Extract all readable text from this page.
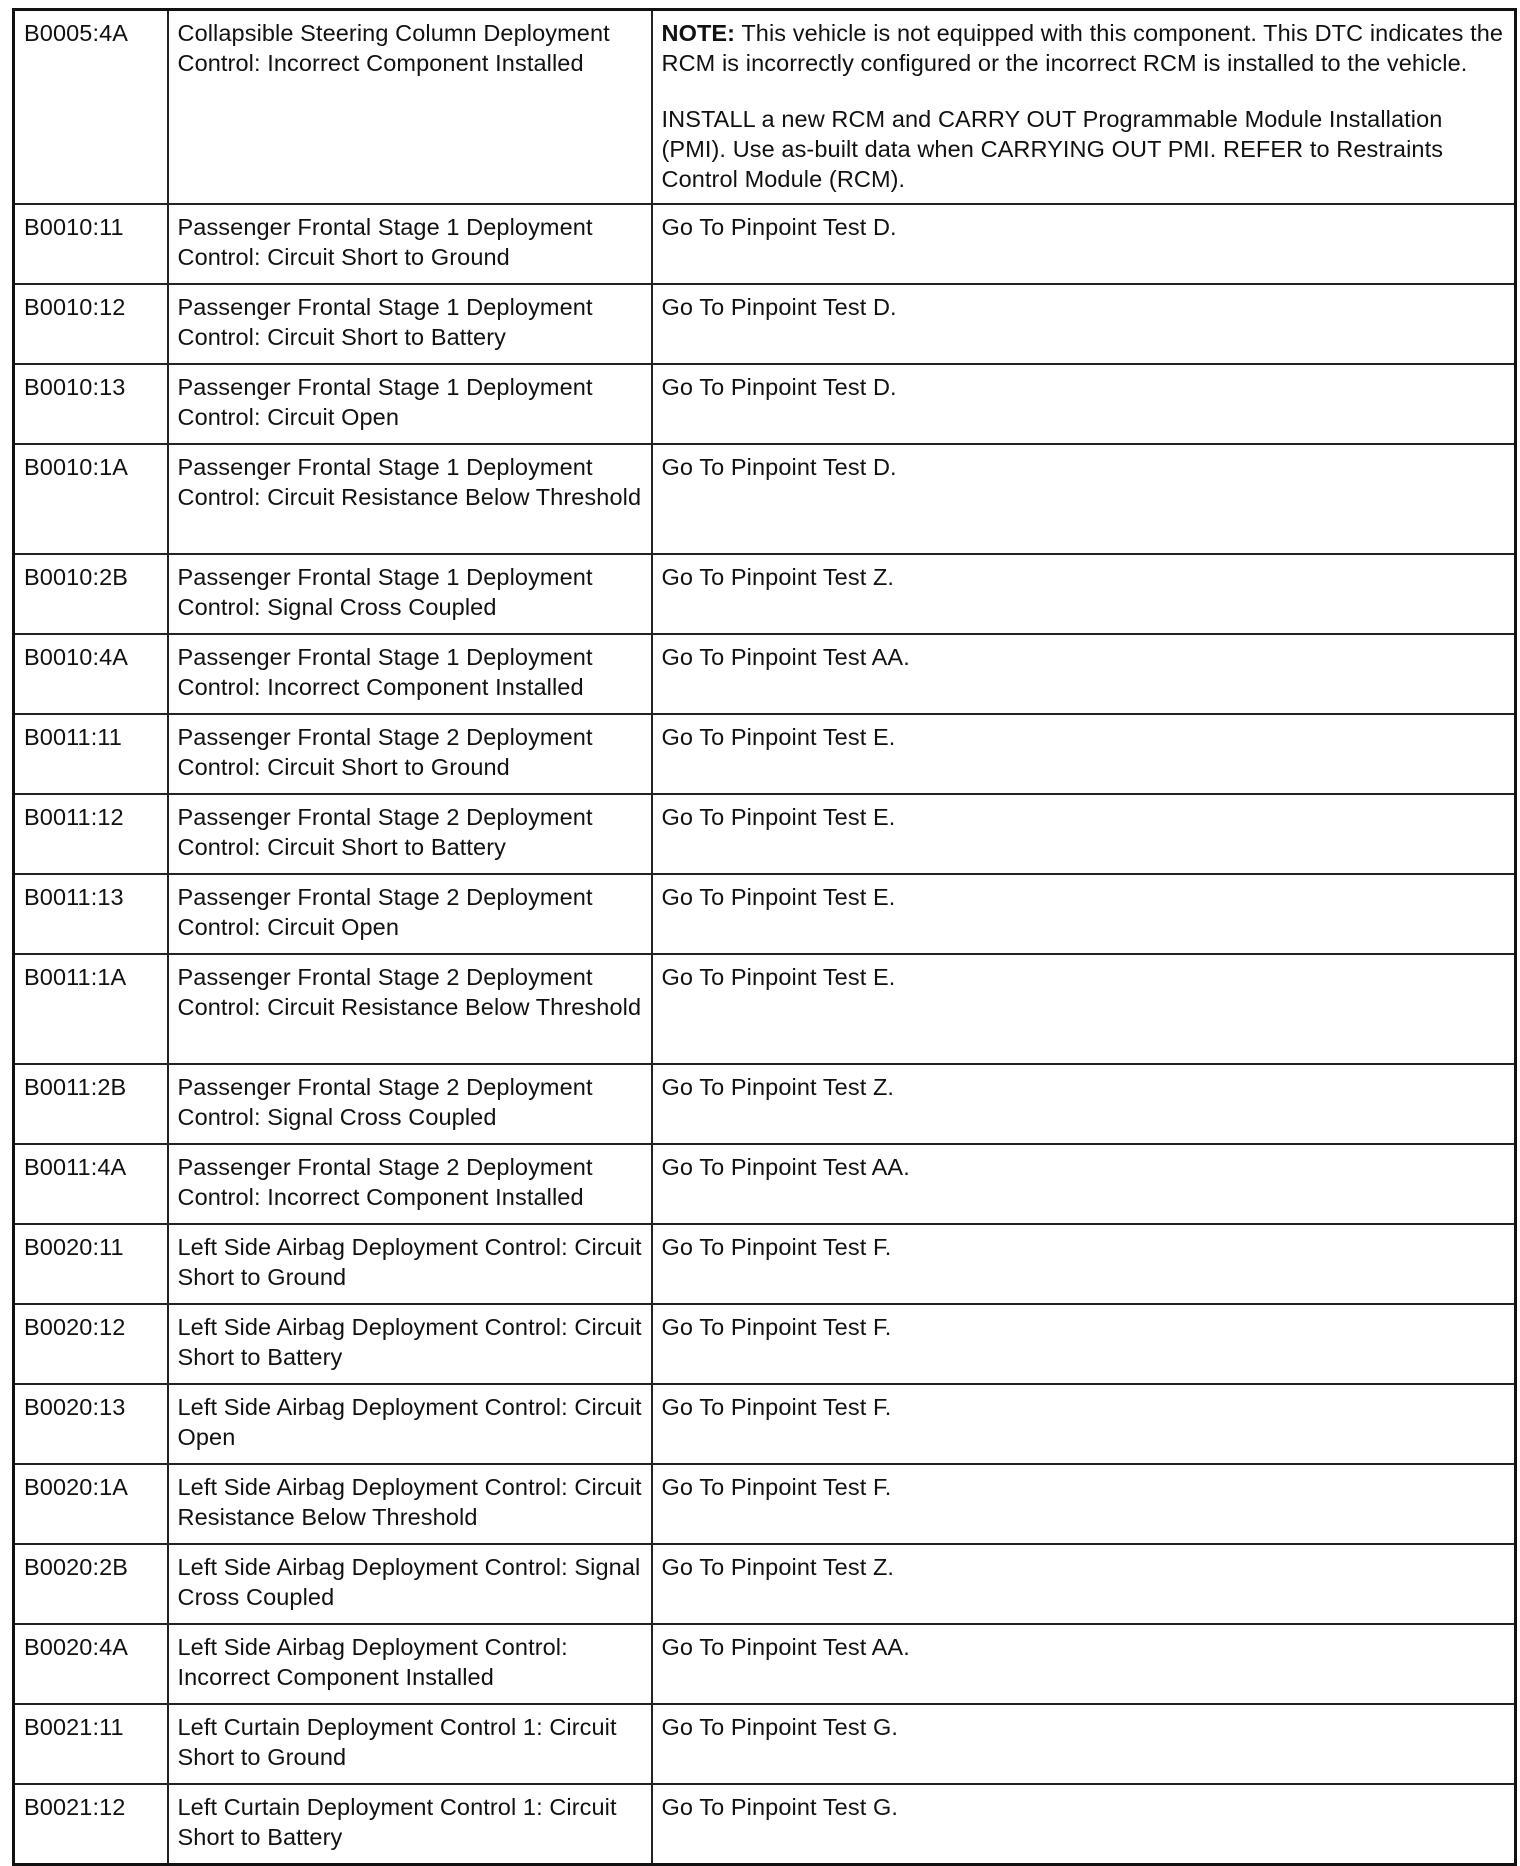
B0005:4A	Collapsible Steering Column Deployment Control: Incorrect Component Installed	NOTE: This vehicle is not equipped with this component. This DTC indicates the RCM is incorrectly configured or the incorrect RCM is installed to the vehicle.
INSTALL a new RCM and CARRY OUT Programmable Module Installation (PMI). Use as-built data when CARRYING OUT PMI. REFER to Restraints Control Module (RCM).

B0010:11	Passenger Frontal Stage 1 Deployment Control: Circuit Short to Ground	Go To Pinpoint Test D.
B0010:12	Passenger Frontal Stage 1 Deployment Control: Circuit Short to Battery	Go To Pinpoint Test D.
B0010:13	Passenger Frontal Stage 1 Deployment Control: Circuit Open	Go To Pinpoint Test D.
B0010:1A	Passenger Frontal Stage 1 Deployment Control: Circuit Resistance Below Threshold	Go To Pinpoint Test D.
B0010:2B	Passenger Frontal Stage 1 Deployment Control: Signal Cross Coupled	Go To Pinpoint Test Z.
B0010:4A	Passenger Frontal Stage 1 Deployment Control: Incorrect Component Installed	Go To Pinpoint Test AA.
B0011:11	Passenger Frontal Stage 2 Deployment Control: Circuit Short to Ground	Go To Pinpoint Test E.
B0011:12	Passenger Frontal Stage 2 Deployment Control: Circuit Short to Battery	Go To Pinpoint Test E.
B0011:13	Passenger Frontal Stage 2 Deployment Control: Circuit Open	Go To Pinpoint Test E.
B0011:1A	Passenger Frontal Stage 2 Deployment Control: Circuit Resistance Below Threshold	Go To Pinpoint Test E.
B0011:2B	Passenger Frontal Stage 2 Deployment Control: Signal Cross Coupled	Go To Pinpoint Test Z.
B0011:4A	Passenger Frontal Stage 2 Deployment Control: Incorrect Component Installed	Go To Pinpoint Test AA.
B0020:11	Left Side Airbag Deployment Control: Circuit Short to Ground	Go To Pinpoint Test F.
B0020:12	Left Side Airbag Deployment Control: Circuit Short to Battery	Go To Pinpoint Test F.
B0020:13	Left Side Airbag Deployment Control: Circuit Open	Go To Pinpoint Test F.
B0020:1A	Left Side Airbag Deployment Control: Circuit Resistance Below Threshold	Go To Pinpoint Test F.
B0020:2B	Left Side Airbag Deployment Control: Signal Cross Coupled	Go To Pinpoint Test Z.
B0020:4A	Left Side Airbag Deployment Control: Incorrect Component Installed	Go To Pinpoint Test AA.
B0021:11	Left Curtain Deployment Control 1: Circuit Short to Ground	Go To Pinpoint Test G.
B0021:12	Left Curtain Deployment Control 1: Circuit Short to Battery	Go To Pinpoint Test G.
